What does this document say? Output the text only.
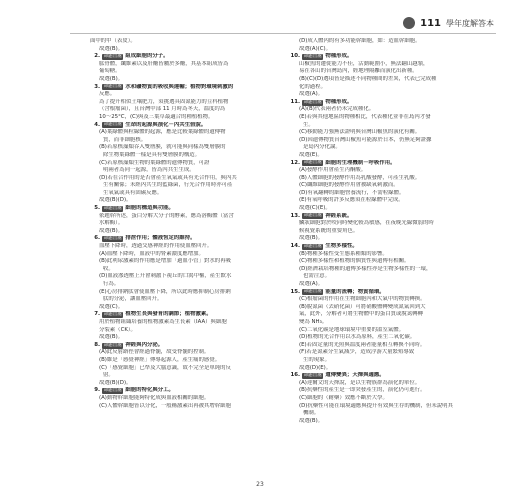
111 學年度解答本
面中的甲（表皮）。
故選(B)。
2. 命題出處 組成細胞的分子。
肱骨體，纖維素以及肝醣皆屬於多醣，其基本組成皆為
葡萄糖。
故選(B)。
3. 命題出處 水和礦物質的吸收與運輸；植物對環境刺激的
反應。
為了提升相似土壤肥力，須挑選具固氮能力的豆科植物
（含根瘤菌），且台灣中部 11 月時為冬天，溫度約為
10～25°C，(C)與及三葉草最適合的種植植物。
4. 命題出處 生命的起源與演化－內共生假說。
(A)葉綠體與粒線體的起源，應是比較葉綠體的遺傳物
質，而非細胞核。
(B)若原核藻類吞入雙層膜，就可能與同樣為雙層膜的
除生物葉綠體一樣是具有雙層膜的構造。
(C)若原核藻類生物的葉綠體的遺傳物質，可證
明兩者為同一起源，皆為內共生生成。
(D)若在合作用的是否會產生氧氣或具有光合作用，與內共
生有關係；未經內共生的藍綠菌，行光合作用時亦可產
生氧氣或具有固碳反應。
故選(B)(D)。
5. 命題出處 細胞的構造與功能。
依題幹所述，蛋白分解大分子的酵素，應為溶酶體（富含
水解酶）。
故選(B)。
6. 命題出處 排泄作用；體液恆定的維持。
血壓下降時，透過交感神經的作用使血壓回升。
(A)血壓下降時，血液中的腎素濃度應增加。
(B)此利尿激素的作用應是增加「過血小管」對水的再吸
收。
(D)血液滲透壓上升會刺激下視丘的口渴中樞，產生飲水
行為。
(E)心房排鈉肽會使血壓下降，所以此時應抑制心房排鈉
肽的分泌，讓血壓回升。
故選(C)。
7. 命題出處 植物生長與發育的調節；植物激素。
用於植物組織培養的植物激素為生長素（IAA）與細胞
分裂素（CK）。
故選(B)。
8. 命題出處 神經與內分泌。
(A)此反射路徑會經過脊髓，故受脊髓的控制。
(B)維是「感覺神經」傳導起源人，產生痛的感覺。
(C)「感覺細胞」已準及大腦意識，故不完全是單純的反
射。
故選(B)(D)。
9. 命題出處 細胞的特化與分工。
(A)動物幹細胞能夠特化成與血液相關的細胞。
(C)人體幹細胞皆以分化，一般稱激素出再被其增幹細胞
(D)成人體內的有多功能幹細胞，如：造血幹細胞。
故選(A)(C)。
10. 命題出處 物種形成。
山椒魚的遷徙能力不佳，活動範圍小，無法翻山越嶺，
易在各山的台灣島內，經地理隔離而演化出新種。
(B)(C)(D)選項皆是描述不同物種間的差異，代表已完成種
化的過程。
故選(A)。
11. 命題出處 物種形成。
(A)(B)代表兩者仍未完成種化。
(E)若與其他地區的物種相比，代表種化並非在島內才發
生。
(C)移動能力強無法證明與台灣山椒魚的演化有關。
(D)因遺傳物質台灣山椒魚可能源於日本，仍無足夠證據
是島內分化論。
故選(E)。
12. 命題出處 細胞的生理機制－呼吸作用。
(A)發酵作用會產生丙酮酸。
(B)人體細胞的發酵作用為乳酸發酵，可產生乳酸。
(C)纖維細胞的發酵作用會被缺氧刺激而。
(D)有氧翻轉的細胞營養流行，不需粒線體。
(E)有氧呼吸的許多反應須在粒線體中完成。
故選(C)(E)。
13. 命題出處 神經系統。
鱗狀細胞對於咬同時變化較為敏感，在夜晚光線微弱的時
候視覺系統的重要角色。
故選(B)。
14. 命題出處 生物多樣性。
(B)物種多樣性受生態系種類的影響。
(C)物種多樣性和植物的個質性與遺傳有相關。
(D)經濟栽培物種的遺傳多樣性亦是生物多樣性的一環，
也需注意。
故選(A)。
15. 命題出處 能量的流轉；物質循環。
(C)根瘤菌的作用在生物細胞內和大氣中的物質轉換。
(B)脫氮菌（去硝化菌）可將硝酸鹽轉變成氮氣回到大
氣，此外，分解者可將生物體中的蛋白質或脫氮轉轉
變為 NH₃。
(C)二氧化碳是地球環境中重要的溫室氣體。
(D)植物的光合作用以水為原料，產生二氧化碳。
(E)若固定量的光照與溫度兩者能量相互轉換不同時。
(F)若是氮素分生氣減少，造成浮游大量繁殖導致
生的現象。
故選(D)(E)。
16. 命題出處 遺傳變異；天擇與適應。
(A)達爾文的天擇說，是以生物族群為演化的單位。
(B)抗藥性的產生是一即突發產生的，演化仍可進行。
(C)細胞的（耐藥）效應不斷於大學。
(D)抗藥性可能在環境適應與提升有效與生存的機制，但未說明其
機制。
故選(B)。
23
